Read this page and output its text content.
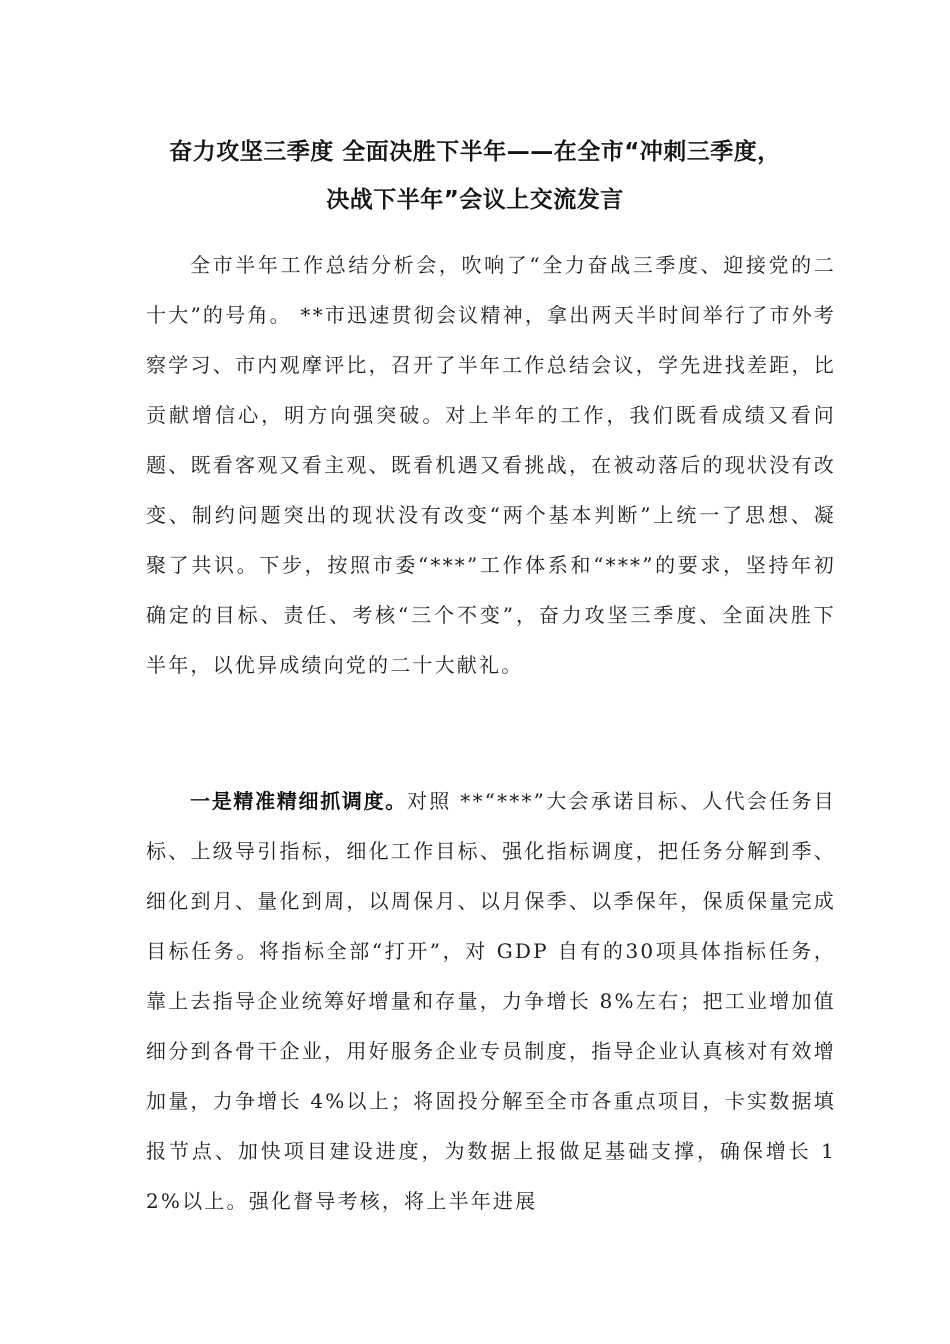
奋力攻坚三季度 全面决胜下半年——在全市“冲刺三季度，
决战下半年”会议上交流发言
全市半年工作总结分析会，吹响了“全力奋战三季度、迎接党的二十大”的号角。 **市迅速贯彻会议精神，拿出两天半时间举行了市外考察学习、市内观摩评比，召开了半年工作总结会议，学先进找差距，比贡献增信心，明方向强突破。对上半年的工作，我们既看成绩又看问题、既看客观又看主观、既看机遇又看挑战，在被动落后的现状没有改变、制约问题突出的现状没有改变“两个基本判断”上统一了思想、凝聚了共识。下步，按照市委“***”工作体系和“***”的要求，坚持年初确定的目标、责任、考核“三个不变”，奋力攻坚三季度、全面决胜下半年，以优异成绩向党的二十大献礼。
一是精准精细抓调度。对照 **“***”大会承诺目标、人代会任务目标、上级导引指标，细化工作目标、强化指标调度，把任务分解到季、细化到月、量化到周，以周保月、以月保季、以季保年，保质保量完成目标任务。将指标全部“打开”，对 GDP 自有的30项具体指标任务，靠上去指导企业统筹好增量和存量，力争增长 8%左右；把工业增加值细分到各骨干企业，用好服务企业专员制度，指导企业认真核对有效增加量，力争增长 4%以上；将固投分解至全市各重点项目，卡实数据填报节点、加快项目建设进度，为数据上报做足基础支撑，确保增长 12%以上。强化督导考核，将上半年进展
